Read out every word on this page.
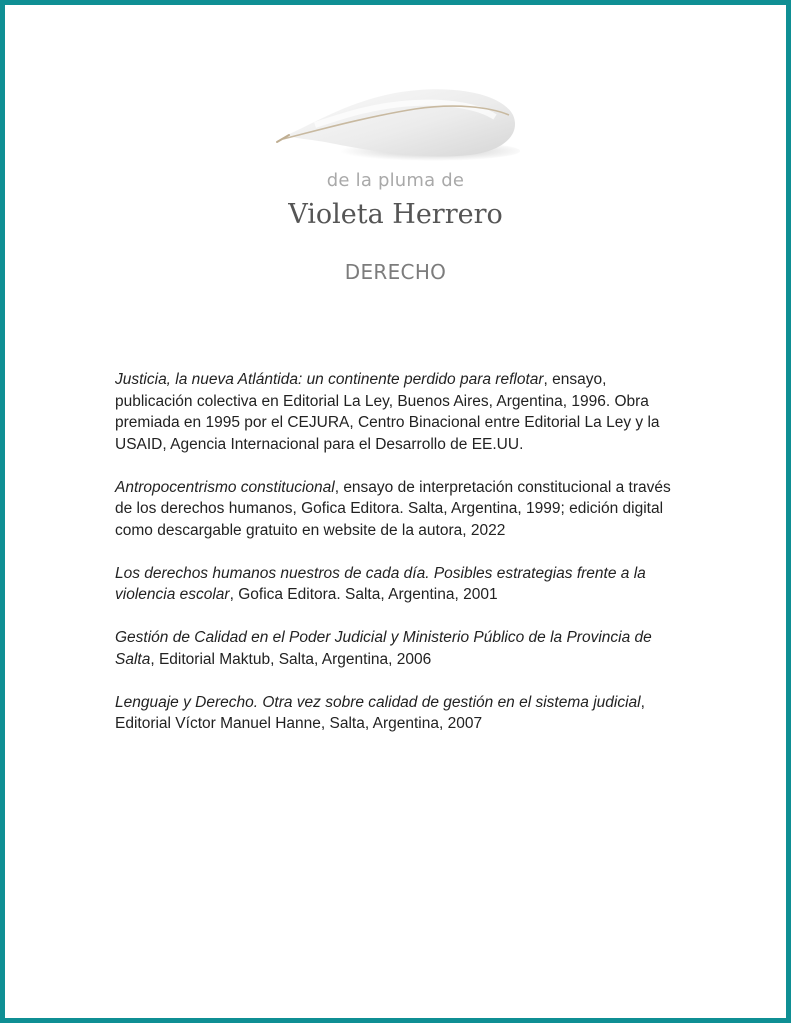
de la pluma de
Violeta Herrero
DERECHO
Justicia, la nueva Atlántida: un continente perdido para reflotar, ensayo, publicación colectiva en Editorial La Ley, Buenos Aires, Argentina, 1996. Obra premiada en 1995 por el CEJURA, Centro Binacional entre Editorial La Ley y la USAID, Agencia Internacional para el Desarrollo de EE.UU.
Antropocentrismo constitucional, ensayo de interpretación constitucional a través de los derechos humanos, Gofica Editora. Salta, Argentina, 1999; edición digital como descargable gratuito en website de la autora, 2022
Los derechos humanos nuestros de cada día. Posibles estrategias frente a la violencia escolar, Gofica Editora. Salta, Argentina, 2001
Gestión de Calidad en el Poder Judicial y Ministerio Público de la Provincia de Salta, Editorial Maktub, Salta, Argentina, 2006
Lenguaje y Derecho. Otra vez sobre calidad de gestión en el sistema judicial, Editorial Víctor Manuel Hanne, Salta, Argentina, 2007
